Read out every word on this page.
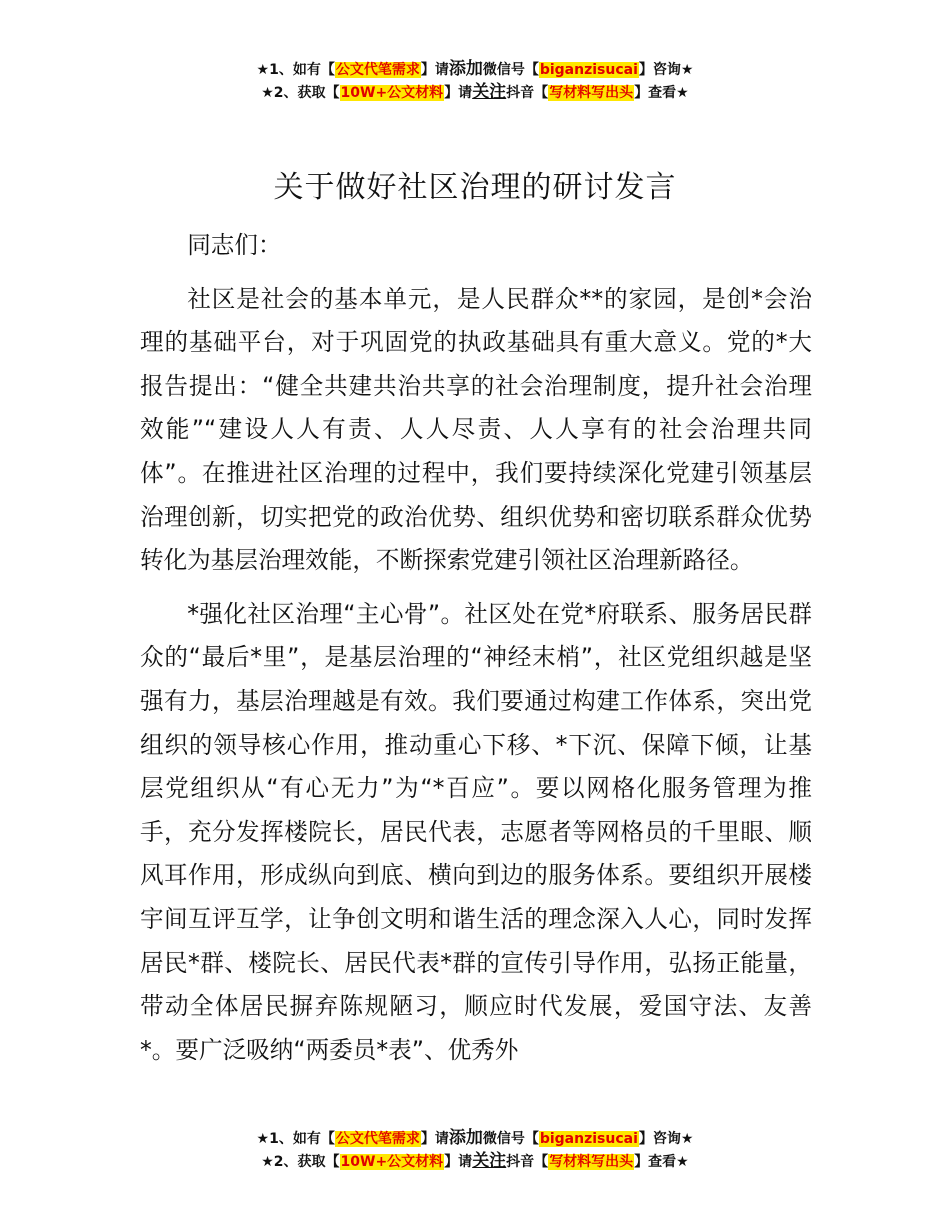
★1、如有【公文代笔需求】请添加微信号【biganzisucai】咨询★
★2、获取【10W+公文材料】请关注抖音【写材料写出头】查看★
关于做好社区治理的研讨发言

同志们：

社区是社会的基本单元，是人民群众**的家园，是创*会治理的基础平台，对于巩固党的执政基础具有重大意义。党的*大报告提出：“健全共建共治共享的社会治理制度，提升社会治理效能”“建设人人有责、人人尽责、人人享有的社会治理共同体”。在推进社区治理的过程中，我们要持续深化党建引领基层治理创新，切实把党的政治优势、组织优势和密切联系群众优势转化为基层治理效能，不断探索党建引领社区治理新路径。

*强化社区治理“主心骨”。社区处在党*府联系、服务居民群众的“最后*里”，是基层治理的“神经末梢”，社区党组织越是坚强有力，基层治理越是有效。我们要通过构建工作体系，突出党组织的领导核心作用，推动重心下移、*下沉、保障下倾，让基层党组织从“有心无力”为“*百应”。要以网格化服务管理为推手，充分发挥楼院长，居民代表，志愿者等网格员的千里眼、顺风耳作用，形成纵向到底、横向到边的服务体系。要组织开展楼宇间互评互学，让争创文明和谐生活的理念深入人心，同时发挥居民*群、楼院长、居民代表*群的宣传引导作用，弘扬正能量，带动全体居民摒弃陈规陋习，顺应时代发展，爱国守法、友善*。要广泛吸纳“两委员*表”、优秀外

★1、如有【公文代笔需求】请添加微信号【biganzisucai】咨询★
★2、获取【10W+公文材料】请关注抖音【写材料写出头】查看★
